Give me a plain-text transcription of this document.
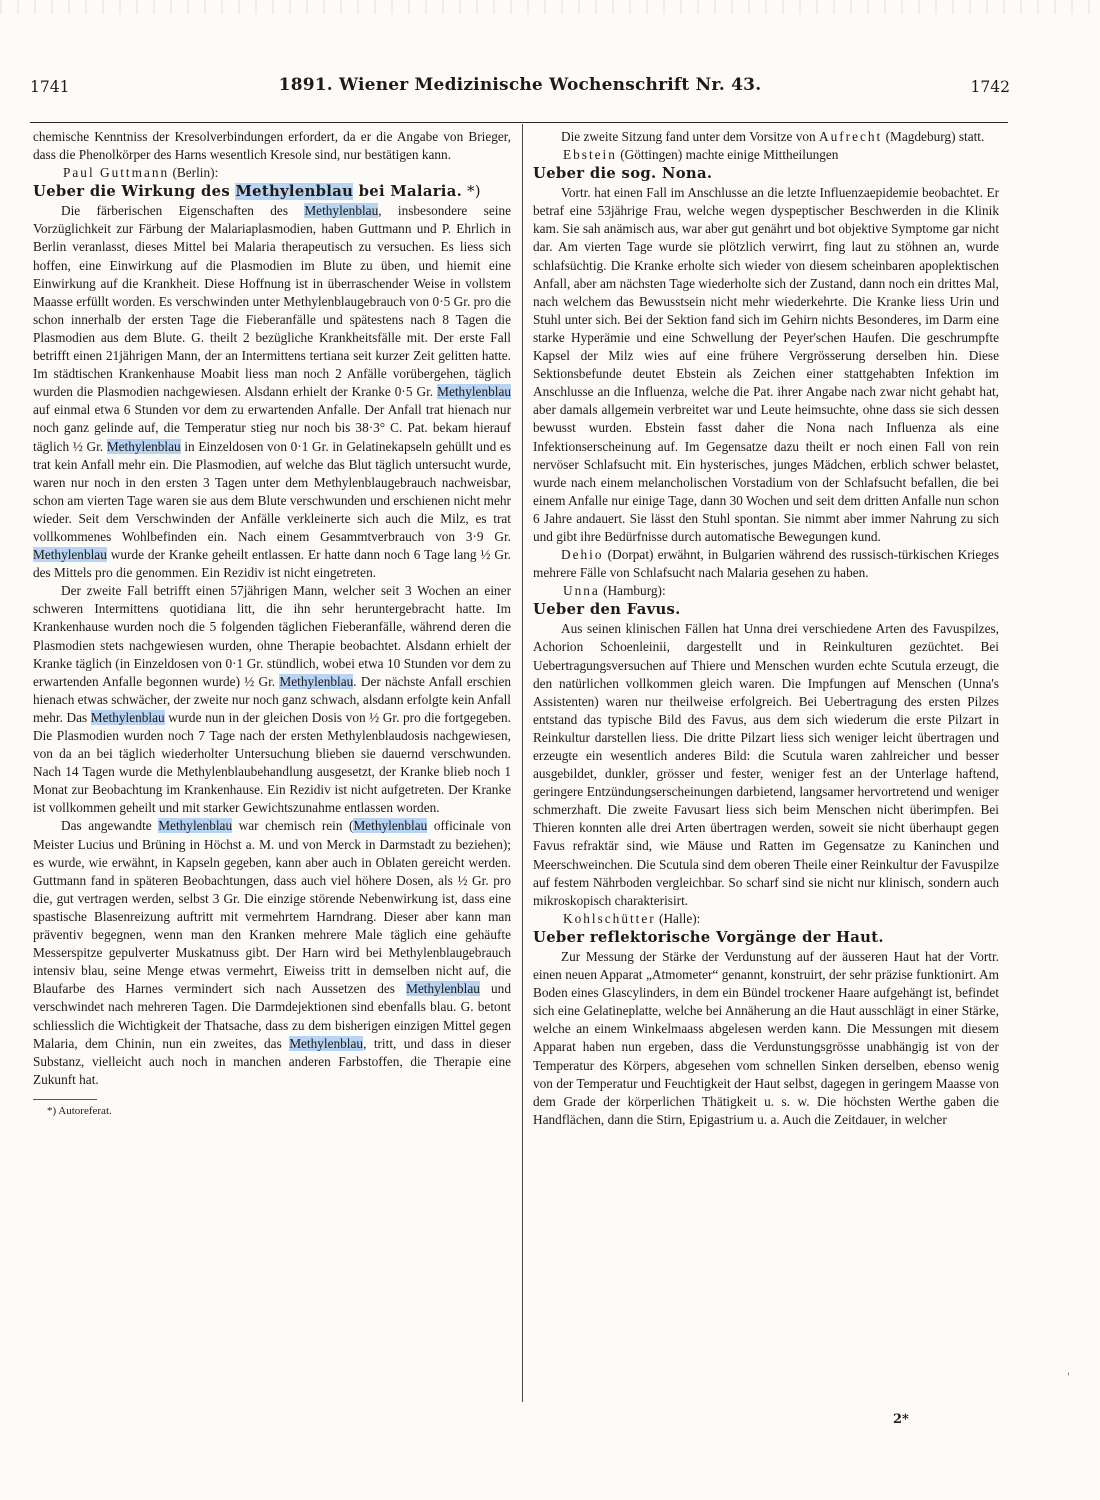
1741	1891. Wiener Medizinische Wochenschrift Nr. 43.	1742

chemische Kenntniss der Kresolverbindungen erfordert, da er die Angabe von Brieger, dass die Phenolkörper des Harns wesentlich Kresole sind, nur bestätigen kann.

Paul Guttmann (Berlin):

Ueber die Wirkung des Methylenblau bei Malaria. *)

Die färberischen Eigenschaften des Methylenblau, insbesondere seine Vorzüglichkeit zur Färbung der Malariaplasmodien, haben Guttmann und P. Ehrlich in Berlin veranlasst, dieses Mittel bei Malaria therapeutisch zu versuchen. Es liess sich hoffen, eine Einwirkung auf die Plasmodien im Blute zu üben, und hiemit eine Einwirkung auf die Krankheit. Diese Hoffnung ist in überraschender Weise in vollstem Maasse erfüllt worden. Es verschwinden unter Methylenblaugebrauch von 0·5 Gr. pro die schon innerhalb der ersten Tage die Fieberanfälle und spätestens nach 8 Tagen die Plasmodien aus dem Blute. G. theilt 2 bezügliche Krankheitsfälle mit. Der erste Fall betrifft einen 21jährigen Mann, der an Intermittens tertiana seit kurzer Zeit gelitten hatte. Im städtischen Krankenhause Moabit liess man noch 2 Anfälle vorübergehen, täglich wurden die Plasmodien nachgewiesen. Alsdann erhielt der Kranke 0·5 Gr. Methylenblau auf einmal etwa 6 Stunden vor dem zu erwartenden Anfalle. Der Anfall trat hienach nur noch ganz gelinde auf, die Temperatur stieg nur noch bis 38·3° C. Pat. bekam hierauf täglich ½ Gr. Methylenblau in Einzeldosen von 0·1 Gr. in Gelatinekapseln gehüllt und es trat kein Anfall mehr ein. Die Plasmodien, auf welche das Blut täglich untersucht wurde, waren nur noch in den ersten 3 Tagen unter dem Methylenblaugebrauch nachweisbar, schon am vierten Tage waren sie aus dem Blute verschwunden und erschienen nicht mehr wieder. Seit dem Verschwinden der Anfälle verkleinerte sich auch die Milz, es trat vollkommenes Wohlbefinden ein. Nach einem Gesammtverbrauch von 3·9 Gr. Methylenblau wurde der Kranke geheilt entlassen. Er hatte dann noch 6 Tage lang ½ Gr. des Mittels pro die genommen. Ein Rezidiv ist nicht eingetreten.

Der zweite Fall betrifft einen 57jährigen Mann, welcher seit 3 Wochen an einer schweren Intermittens quotidiana litt, die ihn sehr heruntergebracht hatte. Im Krankenhause wurden noch die 5 folgenden täglichen Fieberanfälle, während deren die Plasmodien stets nachgewiesen wurden, ohne Therapie beobachtet. Alsdann erhielt der Kranke täglich (in Einzeldosen von 0·1 Gr. stündlich, wobei etwa 10 Stunden vor dem zu erwartenden Anfalle begonnen wurde) ½ Gr. Methylenblau. Der nächste Anfall erschien hienach etwas schwächer, der zweite nur noch ganz schwach, alsdann erfolgte kein Anfall mehr. Das Methylenblau wurde nun in der gleichen Dosis von ½ Gr. pro die fortgegeben. Die Plasmodien wurden noch 7 Tage nach der ersten Methylenblaudosis nachgewiesen, von da an bei täglich wiederholter Untersuchung blieben sie dauernd verschwunden. Nach 14 Tagen wurde die Methylenblaubehandlung ausgesetzt, der Kranke blieb noch 1 Monat zur Beobachtung im Krankenhause. Ein Rezidiv ist nicht aufgetreten. Der Kranke ist vollkommen geheilt und mit starker Gewichtszunahme entlassen worden.

Das angewandte Methylenblau war chemisch rein (Methylenblau officinale von Meister Lucius und Brüning in Höchst a. M. und von Merck in Darmstadt zu beziehen); es wurde, wie erwähnt, in Kapseln gegeben, kann aber auch in Oblaten gereicht werden. Guttmann fand in späteren Beobachtungen, dass auch viel höhere Dosen, als ½ Gr. pro die, gut vertragen werden, selbst 3 Gr. Die einzige störende Nebenwirkung ist, dass eine spastische Blasenreizung auftritt mit vermehrtem Harndrang. Dieser aber kann man präventiv begegnen, wenn man den Kranken mehrere Male täglich eine gehäufte Messerspitze gepulverter Muskatnuss gibt. Der Harn wird bei Methylenblaugebrauch intensiv blau, seine Menge etwas vermehrt, Eiweiss tritt in demselben nicht auf, die Blaufarbe des Harnes vermindert sich nach Aussetzen des Methylenblau und verschwindet nach mehreren Tagen. Die Darmdejektionen sind ebenfalls blau. G. betont schliesslich die Wichtigkeit der Thatsache, dass zu dem bisherigen einzigen Mittel gegen Malaria, dem Chinin, nun ein zweites, das Methylenblau, tritt, und dass in dieser Substanz, vielleicht auch noch in manchen anderen Farbstoffen, die Therapie eine Zukunft hat.

*) Autoreferat.

Die zweite Sitzung fand unter dem Vorsitze von Aufrecht (Magdeburg) statt.

Ebstein (Göttingen) machte einige Mittheilungen

Ueber die sog. Nona.

Vortr. hat einen Fall im Anschlusse an die letzte Influenzaepidemie beobachtet. Er betraf eine 53jährige Frau, welche wegen dyspeptischer Beschwerden in die Klinik kam. Sie sah anämisch aus, war aber gut genährt und bot objektive Symptome gar nicht dar. Am vierten Tage wurde sie plötzlich verwirrt, fing laut zu stöhnen an, wurde schlafsüchtig. Die Kranke erholte sich wieder von diesem scheinbaren apoplektischen Anfall, aber am nächsten Tage wiederholte sich der Zustand, dann noch ein drittes Mal, nach welchem das Bewusstsein nicht mehr wiederkehrte. Die Kranke liess Urin und Stuhl unter sich. Bei der Sektion fand sich im Gehirn nichts Besonderes, im Darm eine starke Hyperämie und eine Schwellung der Peyer'schen Haufen. Die geschrumpfte Kapsel der Milz wies auf eine frühere Vergrösserung derselben hin. Diese Sektionsbefunde deutet Ebstein als Zeichen einer stattgehabten Infektion im Anschlusse an die Influenza, welche die Pat. ihrer Angabe nach zwar nicht gehabt hat, aber damals allgemein verbreitet war und Leute heimsuchte, ohne dass sie sich dessen bewusst wurden. Ebstein fasst daher die Nona nach Influenza als eine Infektionserscheinung auf. Im Gegensatze dazu theilt er noch einen Fall von rein nervöser Schlafsucht mit. Ein hysterisches, junges Mädchen, erblich schwer belastet, wurde nach einem melancholischen Vorstadium von der Schlafsucht befallen, die bei einem Anfalle nur einige Tage, dann 30 Wochen und seit dem dritten Anfalle nun schon 6 Jahre andauert. Sie lässt den Stuhl spontan. Sie nimmt aber immer Nahrung zu sich und gibt ihre Bedürfnisse durch automatische Bewegungen kund.

Dehio (Dorpat) erwähnt, in Bulgarien während des russisch-türkischen Krieges mehrere Fälle von Schlafsucht nach Malaria gesehen zu haben.

Unna (Hamburg):

Ueber den Favus.

Aus seinen klinischen Fällen hat Unna drei verschiedene Arten des Favuspilzes, Achorion Schoenleinii, dargestellt und in Reinkulturen gezüchtet. Bei Uebertragungsversuchen auf Thiere und Menschen wurden echte Scutula erzeugt, die den natürlichen vollkommen gleich waren. Die Impfungen auf Menschen (Unna's Assistenten) waren nur theilweise erfolgreich. Bei Uebertragung des ersten Pilzes entstand das typische Bild des Favus, aus dem sich wiederum die erste Pilzart in Reinkultur darstellen liess. Die dritte Pilzart liess sich weniger leicht übertragen und erzeugte ein wesentlich anderes Bild: die Scutula waren zahlreicher und besser ausgebildet, dunkler, grösser und fester, weniger fest an der Unterlage haftend, geringere Entzündungserscheinungen darbietend, langsamer hervortretend und weniger schmerzhaft. Die zweite Favusart liess sich beim Menschen nicht überimpfen. Bei Thieren konnten alle drei Arten übertragen werden, soweit sie nicht überhaupt gegen Favus refraktär sind, wie Mäuse und Ratten im Gegensatze zu Kaninchen und Meerschweinchen. Die Scutula sind dem oberen Theile einer Reinkultur der Favuspilze auf festem Nährboden vergleichbar. So scharf sind sie nicht nur klinisch, sondern auch mikroskopisch charakterisirt.

Kohlschütter (Halle):

Ueber reflektorische Vorgänge der Haut.

Zur Messung der Stärke der Verdunstung auf der äusseren Haut hat der Vortr. einen neuen Apparat „Atmometer“ genannt, konstruirt, der sehr präzise funktionirt. Am Boden eines Glascylinders, in dem ein Bündel trockener Haare aufgehängt ist, befindet sich eine Gelatineplatte, welche bei Annäherung an die Haut ausschlägt in einer Stärke, welche an einem Winkelmaass abgelesen werden kann. Die Messungen mit diesem Apparat haben nun ergeben, dass die Verdunstungsgrösse unabhängig ist von der Temperatur des Körpers, abgesehen vom schnellen Sinken derselben, ebenso wenig von der Temperatur und Feuchtigkeit der Haut selbst, dagegen in geringem Maasse von dem Grade der körperlichen Thätigkeit u. s. w. Die höchsten Werthe gaben die Handflächen, dann die Stirn, Epigastrium u. a. Auch die Zeitdauer, in welcher

2*
'
